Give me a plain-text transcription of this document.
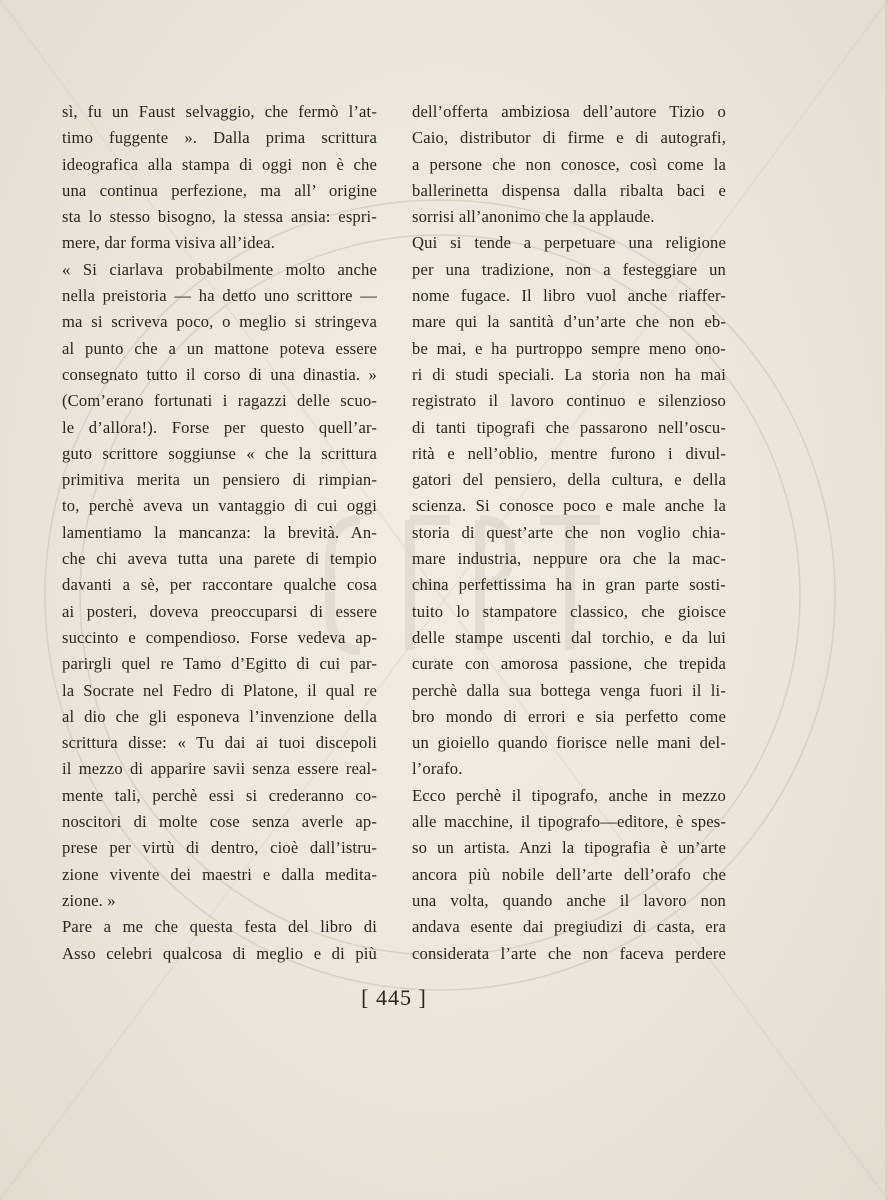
sì, fu un Faust selvaggio, che fermò l’at-
timo fuggente ». Dalla prima scrittura
ideografica alla stampa di oggi non è che
una continua perfezione, ma all’ origine
sta lo stesso bisogno, la stessa ansia: espri-
mere, dar forma visiva all’idea.
« Si ciarlava probabilmente molto anche
nella preistoria — ha detto uno scrittore —
ma si scriveva poco, o meglio si stringeva
al punto che a un mattone poteva essere
consegnato tutto il corso di una dinastia. »
(Com’erano fortunati i ragazzi delle scuo-
le d’allora!). Forse per questo quell’ar-
guto scrittore soggiunse « che la scrittura
primitiva merita un pensiero di rimpian-
to, perchè aveva un vantaggio di cui oggi
lamentiamo la mancanza: la brevità. An-
che chi aveva tutta una parete di tempio
davanti a sè, per raccontare qualche cosa
ai posteri, doveva preoccuparsi di essere
succinto e compendioso. Forse vedeva ap-
parirgli quel re Tamo d’Egitto di cui par-
la Socrate nel Fedro di Platone, il qual re
al dio che gli esponeva l’invenzione della
scrittura disse: « Tu dai ai tuoi discepoli
il mezzo di apparire savii senza essere real-
mente tali, perchè essi si crederanno co-
noscitori di molte cose senza averle ap-
prese per virtù di dentro, cioè dall’istru-
zione vivente dei maestri e dalla medita-
zione. »
Pare a me che questa festa del libro di
Asso celebri qualcosa di meglio e di più
dell’offerta ambiziosa dell’autore Tizio o
Caio, distributor di firme e di autografi,
a persone che non conosce, così come la
ballerinetta dispensa dalla ribalta baci e
sorrisi all’anonimo che la applaude.
Qui si tende a perpetuare una religione
per una tradizione, non a festeggiare un
nome fugace. Il libro vuol anche riaffer-
mare qui la santità d’un’arte che non eb-
be mai, e ha purtroppo sempre meno ono-
ri di studi speciali. La storia non ha mai
registrato il lavoro continuo e silenzioso
di tanti tipografi che passarono nell’oscu-
rità e nell’oblio, mentre furono i divul-
gatori del pensiero, della cultura, e della
scienza. Si conosce poco e male anche la
storia di quest’arte che non voglio chia-
mare industria, neppure ora che la mac-
china perfettissima ha in gran parte sosti-
tuito lo stampatore classico, che gioisce
delle stampe uscenti dal torchio, e da lui
curate con amorosa passione, che trepida
perchè dalla sua bottega venga fuori il li-
bro mondo di errori e sia perfetto come
un gioiello quando fiorisce nelle mani del-
l’orafo.
Ecco perchè il tipografo, anche in mezzo
alle macchine, il tipografo—editore, è spes-
so un artista. Anzi la tipografia è un’arte
ancora più nobile dell’arte dell’orafo che
una volta, quando anche il lavoro non
andava esente dai pregiudizi di casta, era
considerata l’arte che non faceva perdere
[ 445 ]
